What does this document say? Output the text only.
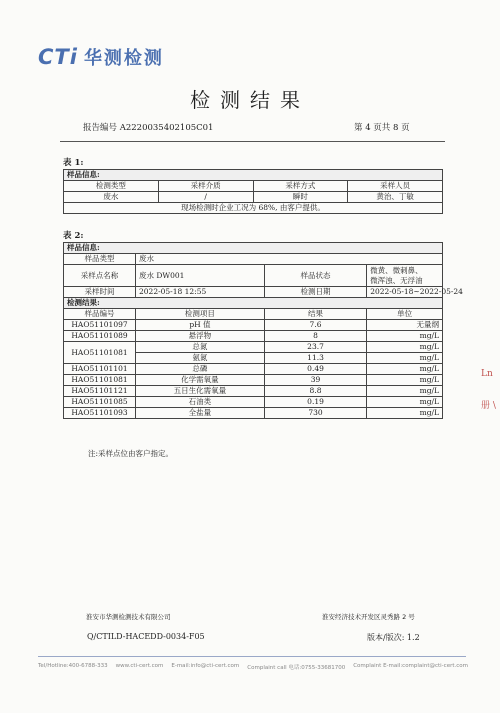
CTi 华测检测
检测结果
报告编号 A2220035402105C01	第 4 页共 8 页
表 1:
样品信息:			
检测类型	采样介质	采样方式	采样人员
废水	/	瞬时	黄治、丁敏
现场检测时企业工况为 68%, 由客户提供。			
表 2:
样品信息:			
样品类型	废水		
采样点名称	废水 DW001	样品状态	微黄、微刺鼻、
微浑浊、无浮油

采样时间	2022-05-18 12:55	检测日期	2022-05-18~2022-05-24
检测结果:			
样品编号	检测项目	结果	单位
HAO51101097	pH 值	7.6	无量纲
HAO51101089	悬浮物	8	mg/L
HAO51101081	总氮	23.7	mg/L
	氨氮	11.3	mg/L
HAO51101101	总磷	0.49	mg/L
HAO51101081	化学需氧量	39	mg/L
HAO51101121	五日生化需氧量	8.8	mg/L
HAO51101085	石油类	0.19	mg/L
HAO51101093	全盐量	730	mg/L
注:采样点位由客户指定。
淮安市华测检测技术有限公司	淮安经济技术开发区灵秀路 2 号
Q/CTILD-HACEDD-0034-F05	版本/版次: 1.2
Tel/Hotline:400-6788-333 www.cti-cert.com E-mail:info@cti-cert.com Complaint call 电话:0755-33681700 Complaint E-mail:complaint@cti-cert.com
Ln
册 \
